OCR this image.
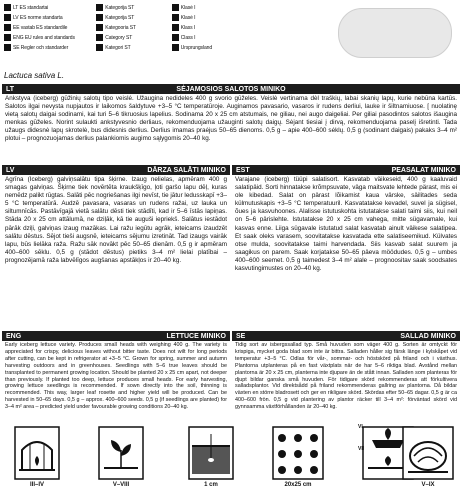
LT ES standartai	Kategorija ST	Klasė I
LV ES norme standarta	Kategorija ST	Klasė I
EE vastab ES standardile	Kategooria ST	Klass I
ENG EU rules and standards	Category ST	Class I
SE Regler och standarder	Kategori ST	Ursprungsland
Lactuca sativa L.
LT	SĖJAMOSIOS SALOTOS MINIKO
Ankstyva (iceberg) gūžinių salotų tipo veislė. Užaugina nedideles 400 g svorio gūželes. Veislė vertinama dėl traškių, labai skanių lapų, kurie nebūna kartūs. Salotos ilgai nevysta nupjautos ir laikomos šaldytuve +3–5 °C temperatūroje. Auginamos pavasario, vasaros ir rudens derliui, lauke ir šiltnamiuose. [ nuolatinę vietą salotų daigai sodinami, kai turi 5–6 tikruosius lapelius. Sodinama 20 x 25 cm atstumais, ne giliau, nei augo daigeliai. Per giliai pasodintos salotos išaugina menkas gūželes. Norint sulaukti ankstyvesnio derliaus, rekomenduojama užauginti salotų daigų. Sėjant tiesiai į dirvą, rekomenduojama paselį išretinti. Tada užaugs didesnė lapų skrotelė, bus didesnis derlius. Derlius imamas praėjus 50–65 dienoms. 0,5 g – apie 400–600 sėklų. 0,5 g (sodinant daigais) pakaks 3–4 m² plotui – prognozuojamas derlius palankiomis augimo sąlygomis 20–40 kg.
LV	DĀRZA SALĀTI MINIKO
Agrīna (Iceberg) galviņsalātu tipa šķirne. Izaug nelielas, apmēram 400 g smagas galviņas. Šķirne tiek novērtēta kraukšķīgo, ļoti garšo lapu dēļ, kuras nemēdz palikt rūgtas. Salāti pēc nogriešanas ilgi nevīst, tie jātur ledusskapī +3–5 °C temperatūrā. Audzē pavasara, vasaras un rudens ražai, uz lauka un siltumnīcās. Pastāvīgajā vietā salātu dēsti tiek stādīti, kad ir 5–6 īstās lapiņas. Stāda 20 x 25 cm attālumā, ne dziļāk, kā tie auguši iepriekš. Salātus iestādot pārāk dziļi, galviņas izaug mazākas. Lai ražu iegūtu agrāk, ieteicams izaudzēt salātu dēstus. Sējot tieši augsnē, ieteicams sējumu izretināt. Tad izaugs vairāk lapu, būs lielāka raža. Ražu sāk novākt pēc 50–65 dienām. 0,5 g ir apmēram 400–600 sēklu. 0,5 g (stādot dēstus) pietiks 3–4 m² lielai platībai – prognozējamā raža labvēlīgos augšanas apstākļos ir 20–40 kg.
EST	PEASALAT MINIKO
Varajane (iceberg) tüüpi salatisort. Kasvatab väikeseid, 400 g kaaluvaid salatipäid. Sorti hinnatakse krõmpsuvate, väga maitsvate lehtede pärast, mis ei ole kibedad. Salat on pärast lõikamist kaua värske, säilitades seda külmutuskapis +3–5 °C temperatuuril. Kasvatatakse kevadel, suvel ja sügisel, õues ja kasvuhoones. Alalisse istutuskohta istutatakse salati taimi siis, kui neil on 5–6 pärislehte. Istutatakse 20 x 25 cm vahega, mitte sügavamale, kui kasvas enne. Liiga sügavale istutatud salat kasvatab ainult väikese salatipea. Et saak oleks varasem, soovitatakse kasvatada ette salatiseemikud. Külvates otse mulda, soovitatakse taimi harvendada. Siis kasvab salat suurem ja saagikus on parem. Saak korjatakse 50–65 päeva möödudes. 0,5 g – umbes 400–600 seemet. 0,5 g taimedest 3–4 m² alale – prognoositav saak soodsates kasvutingimustes on 20–40 kg.
ENG	LETTUCE MINIKO
Early iceberg lettuce variety. Produces small heads with weighing 400 g. The variety is appreciated for crispy, delicious leaves without bitter taste. Does not wilt for long periods after cutting, can be kept in refrigerator at +3–5 °C. Grown for spring, summer and autumn harvesting outdoors and in greenhouses. Seedlings with 5–6 true leaves should be transplanted to permanent growing location. Should be planted 20 x 25 cm apart, not deeper than previously. If planted too deep, lettuce produces small heads. For early harvesting, growing lettuce seedlings is recommended. If sown directly into the soil, thinning is recommended. This way, larger leaf rosette and higher yield will be produced. Can be harvested in 50–65 days. 0,5 g – approx. 400–600 seeds. 0,5 g (if seedlings are planted) for 3–4 m² area – predicted yield under favourable growing conditions 20–40 kg.
SE	SALLAD MINIKO
Tidig sort av isbergssallad typ. Små huvuden som väger 400 g. Sorten är omtyckt för krispiga, mycket goda blad som inte är bittra. Salladen håller sig färsk länge i kylskåpet vid temperatur +3–5 °C. Odlas för vår-, sommar- och höstskörd på friland och i växthus. Plantorna utplanteras på en fast växtplats när de har 5–6 riktiga blad. Avstånd mellan plantorna är 20 x 25 cm, planterna inte djupare än de stått innan. Salladen som planteras för djupt bildar ganska små huvuden. För tidigare skörd rekommenderas att förkultivera salladsplantor. Vid direktsådd på friland rekommenderas gallring av plantorna. Då bildar växten en större bladrosett och ger en rikligare skörd. Skördas efter 50–65 dagar. 0,5 g är ca 400–600 frön. 0,5 g vid plantering av plantor räcker till 3–4 m²: förväntad skörd vid gynnsamma växtförhållanden är 20–40 kg.
III–IV	V–VIII	1 cm	20x25 cm
VI
VII
V–IX
